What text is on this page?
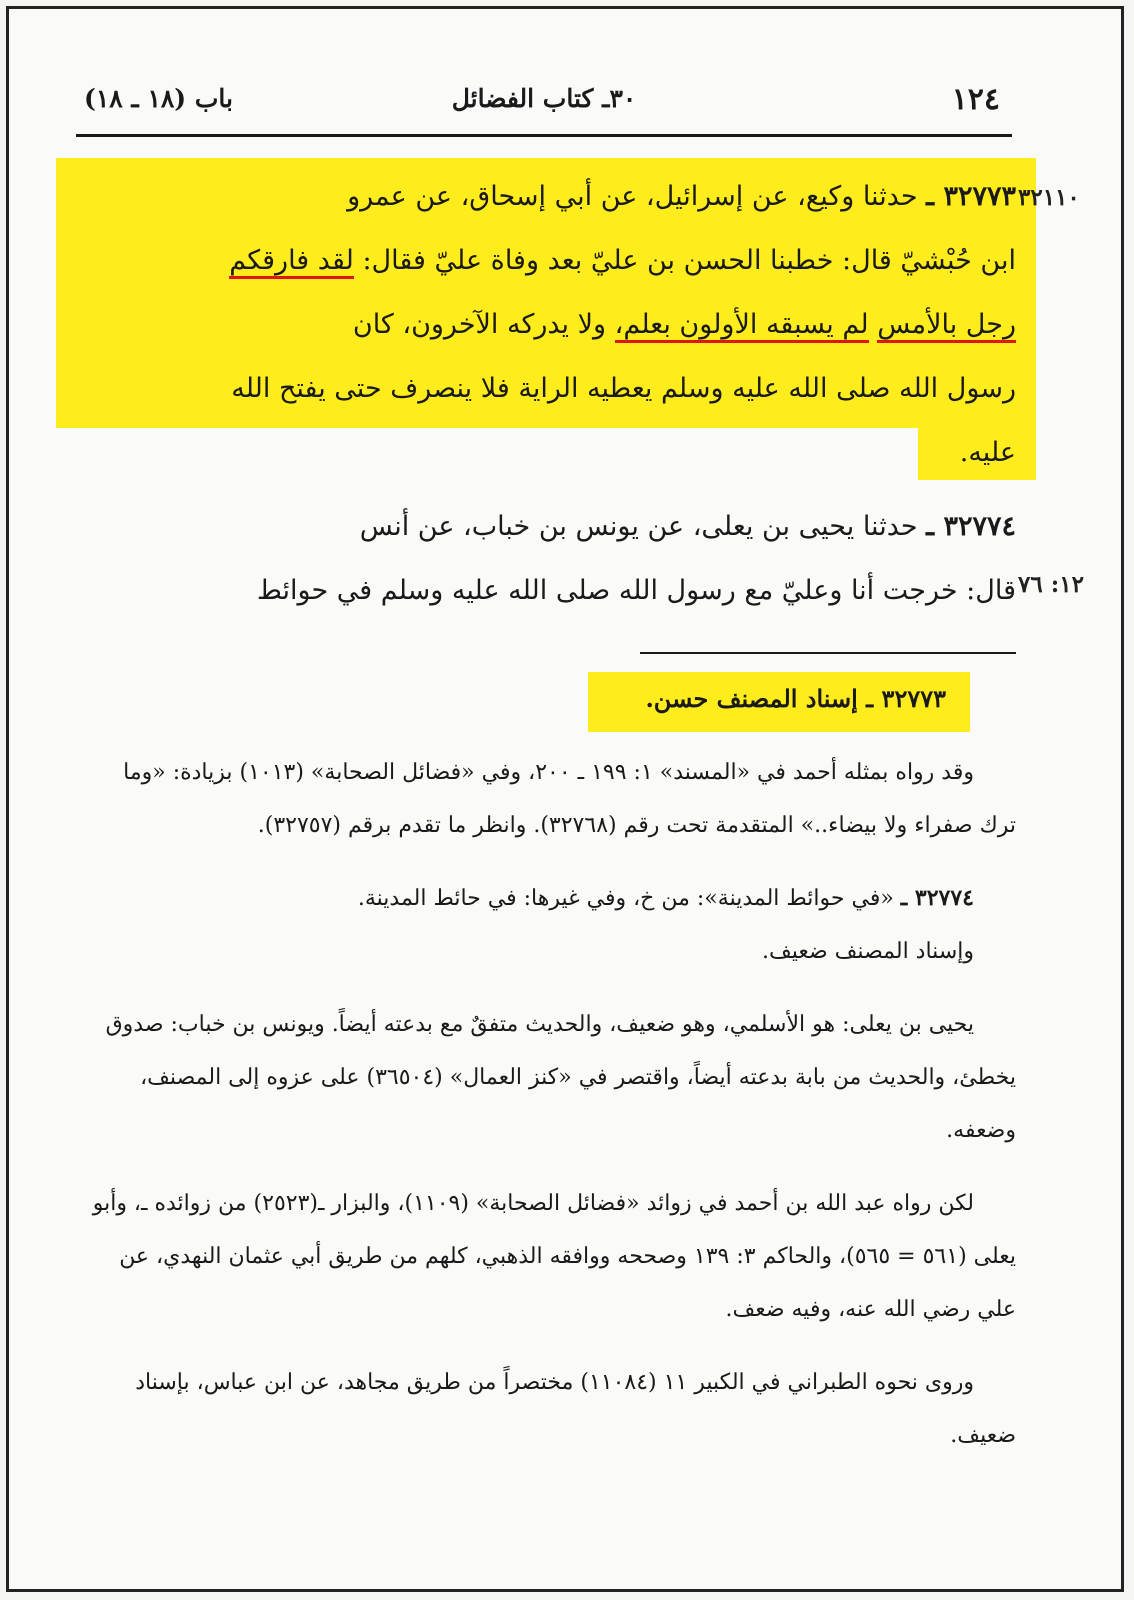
١٢٤
٣٠ـ كتاب الفضائل
باب (١٨ ـ ١٨)
٣٢١١٠
١٢: ٧٦
٣٢٧٧٣ ـ حدثنا وكيع، عن إسرائيل، عن أبي إسحاق، عن عمرو
ابن حُبْشيّ قال: خطبنا الحسن بن عليّ بعد وفاة عليّ فقال: لقد فارقكم
رجل بالأمس لم يسبقه الأولون بعلم، ولا يدركه الآخرون، كان
رسول الله صلى الله عليه وسلم يعطيه الراية فلا ينصرف حتى يفتح الله
عليه.
٣٢٧٧٤ ـ حدثنا يحيى بن يعلى، عن يونس بن خباب، عن أنس
قال: خرجت أنا وعليّ مع رسول الله صلى الله عليه وسلم في حوائط
٣٢٧٧٣ ـ إسناد المصنف حسن.

وقد رواه بمثله أحمد في «المسند» ١: ١٩٩ ـ ٢٠٠، وفي «فضائل الصحابة» (١٠١٣) بزيادة: «وما ترك صفراء ولا بيضاء..» المتقدمة تحت رقم (٣٢٧٦٨). وانظر ما تقدم برقم (٣٢٧٥٧).

٣٢٧٧٤ ـ «في حوائط المدينة»: من خ، وفي غيرها: في حائط المدينة.

وإسناد المصنف ضعيف.

يحيى بن يعلى: هو الأسلمي، وهو ضعيف، والحديث متفقٌ مع بدعته أيضاً. ويونس بن خباب: صدوق يخطئ، والحديث من بابة بدعته أيضاً، واقتصر في «كنز العمال» (٣٦٥٠٤) على عزوه إلى المصنف، وضعفه.

لكن رواه عبد الله بن أحمد في زوائد «فضائل الصحابة» (١١٠٩)، والبزار ـ(٢٥٢٣) من زوائده ـ، وأبو يعلى (٥٦١ = ٥٦٥)، والحاكم ٣: ١٣٩ وصححه ووافقه الذهبي، كلهم من طريق أبي عثمان النهدي، عن علي رضي الله عنه، وفيه ضعف.

وروى نحوه الطبراني في الكبير ١١ (١١٠٨٤) مختصراً من طريق مجاهد، عن ابن عباس، بإسناد ضعيف.
